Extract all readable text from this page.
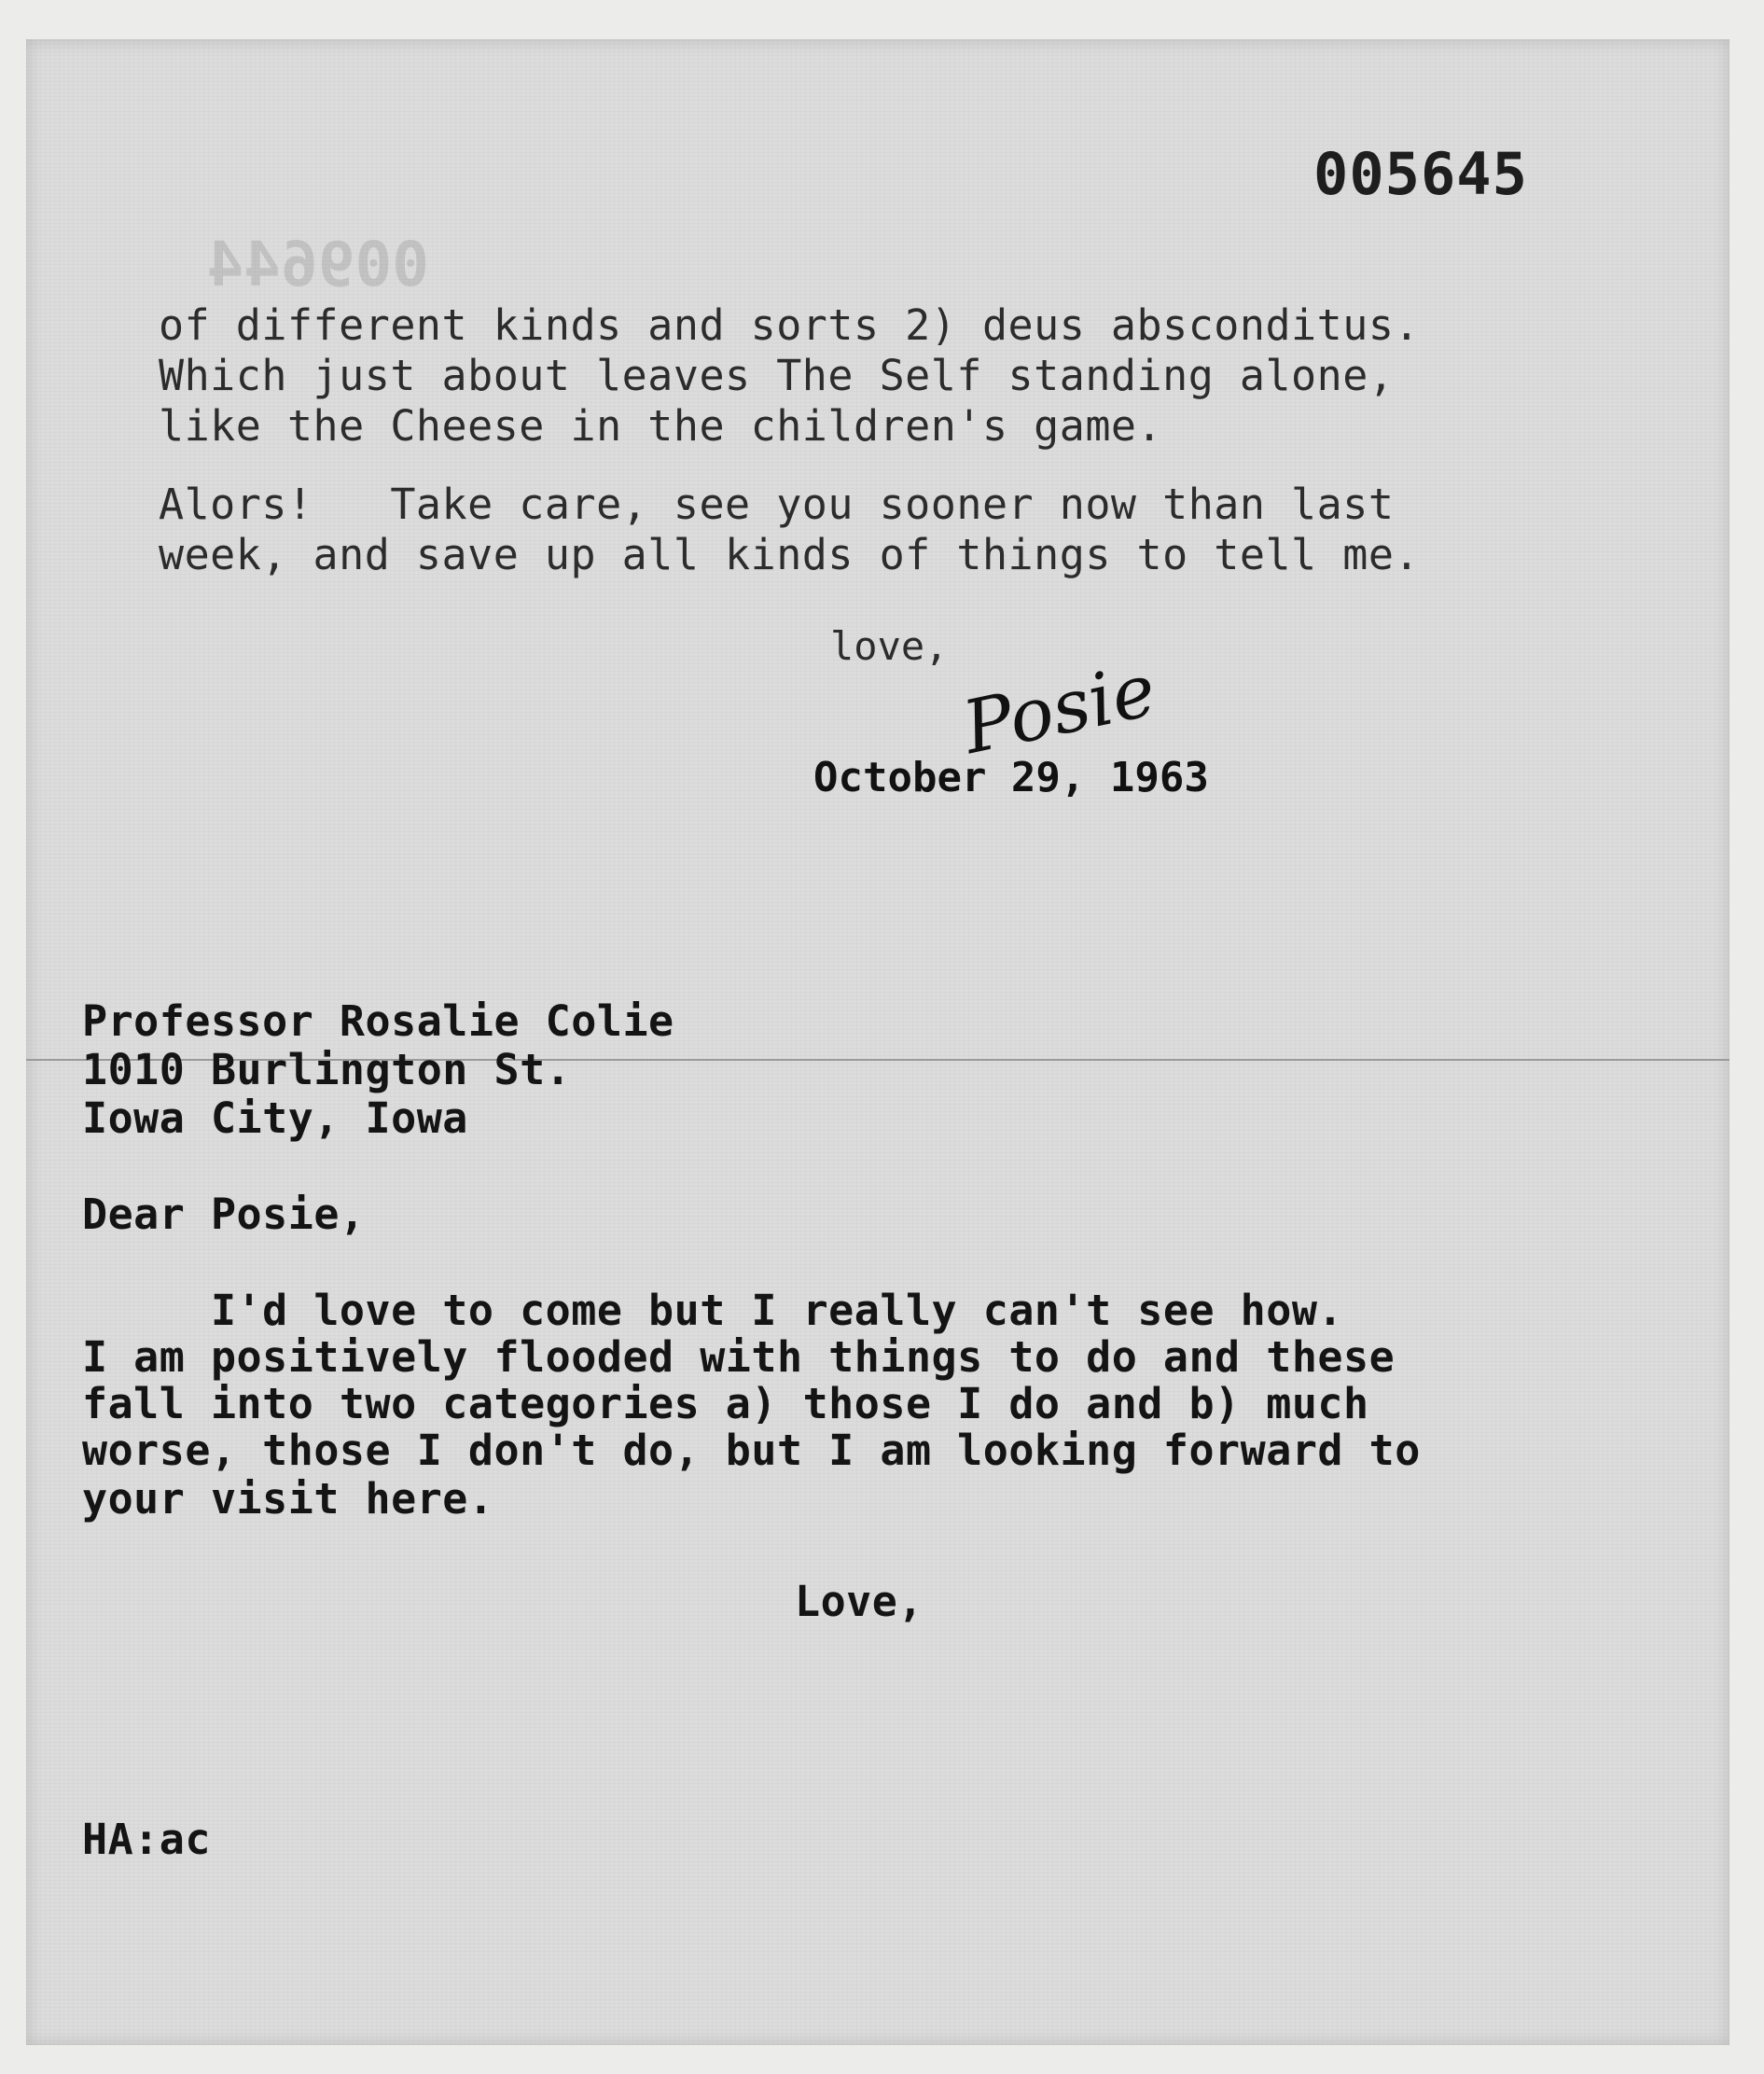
009644
005645
of different kinds and sorts 2) deus absconditus.
Which just about leaves The Self standing alone,
like the Cheese in the children's game.
Alors!   Take care, see you sooner now than last
week, and save up all kinds of things to tell me.
love,
Posie
October 29, 1963
Professor Rosalie Colie
1010 Burlington St.
Iowa City, Iowa
Dear Posie,
I'd love to come but I really can't see how.
I am positively flooded with things to do and these
fall into two categories a) those I do and b) much
worse, those I don't do, but I am looking forward to
your visit here.
Love,
HA:ac
